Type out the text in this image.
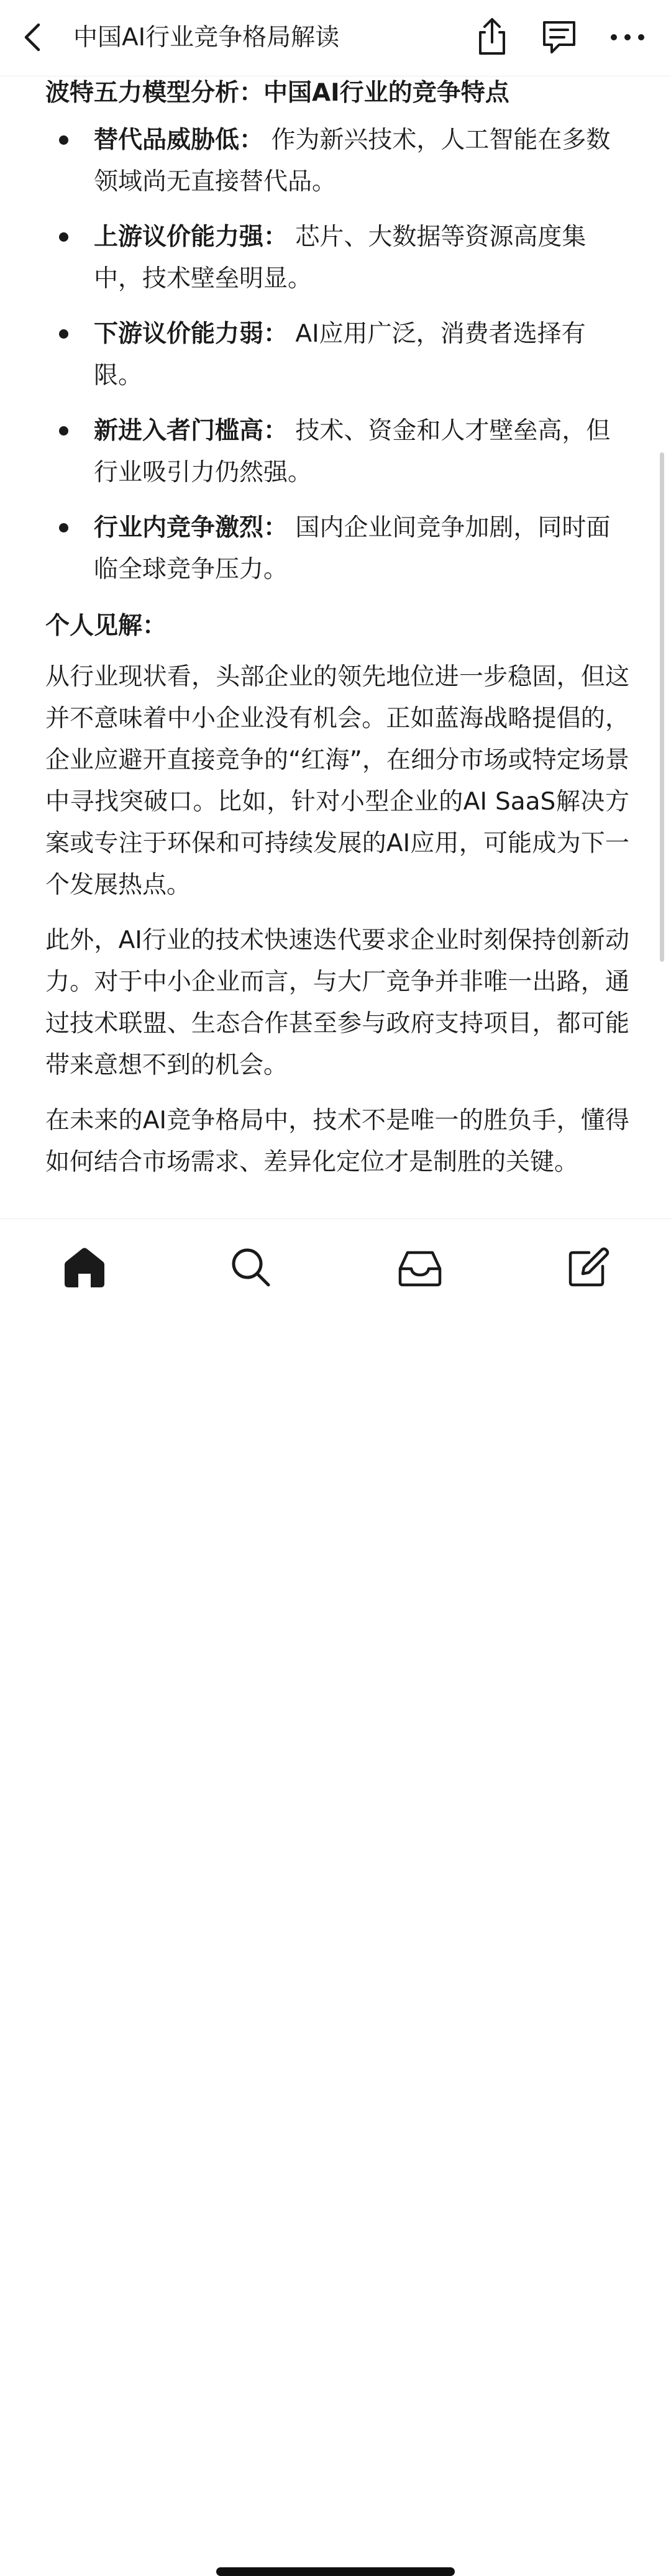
中国AI行业竞争格局解读
波特五力模型分析：中国AI行业的竞争特点
替代品威胁低： 作为新兴技术，人工智能在多数领域尚无直接替代品。
上游议价能力强： 芯片、大数据等资源高度集中，技术壁垒明显。
下游议价能力弱： AI应用广泛，消费者选择有限。
新进入者门槛高： 技术、资金和人才壁垒高，但行业吸引力仍然强。
行业内竞争激烈： 国内企业间竞争加剧，同时面临全球竞争压力。
个人见解：

从行业现状看，头部企业的领先地位进一步稳固，但这并不意味着中小企业没有机会。正如蓝海战略提倡的，企业应避开直接竞争的“红海”，在细分市场或特定场景中寻找突破口。比如，针对小型企业的AI SaaS解决方案或专注于环保和可持续发展的AI应用，可能成为下一个发展热点。

此外，AI行业的技术快速迭代要求企业时刻保持创新动力。对于中小企业而言，与大厂竞争并非唯一出路，通过技术联盟、生态合作甚至参与政府支持项目，都可能带来意想不到的机会。

在未来的AI竞争格局中，技术不是唯一的胜负手，懂得如何结合市场需求、差异化定位才是制胜的关键。
